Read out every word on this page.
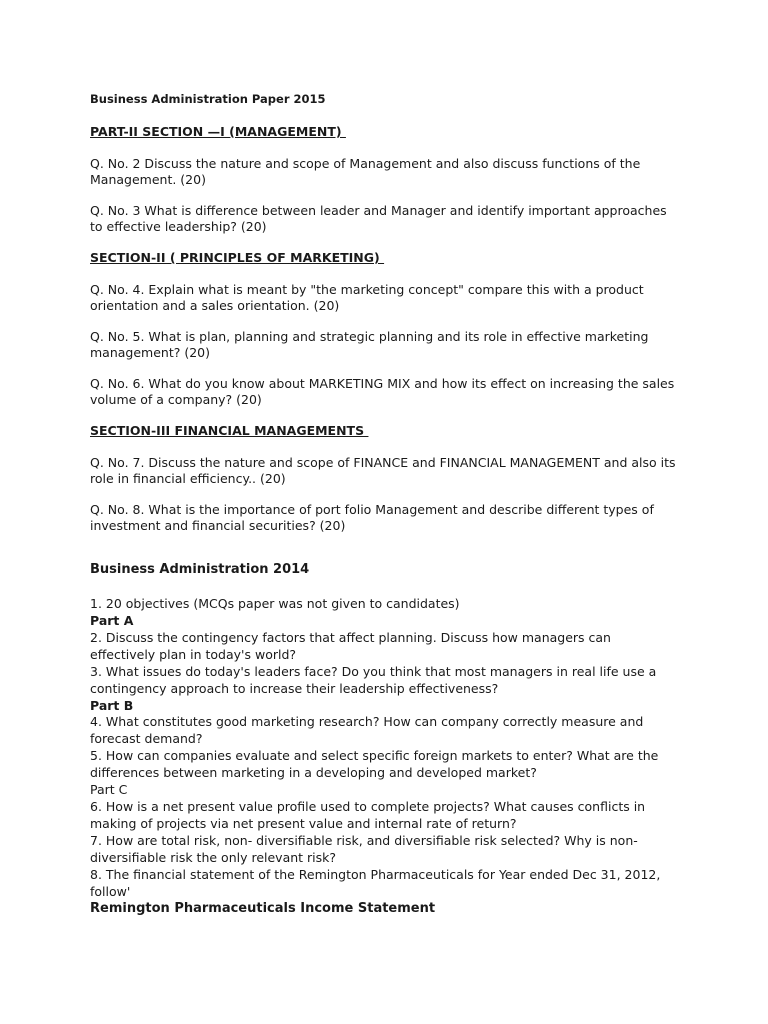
Business Administration Paper 2015
PART-II SECTION —I (MANAGEMENT)
Q. No. 2 Discuss the nature and scope of Management and also discuss functions of the Management. (20)
Q. No. 3 What is difference between leader and Manager and identify important approaches to effective leadership? (20)
SECTION-II ( PRINCIPLES OF MARKETING)
Q. No. 4. Explain what is meant by "the marketing concept" compare this with a product orientation and a sales orientation. (20)
Q. No. 5. What is plan, planning and strategic planning and its role in effective marketing management? (20)
Q. No. 6. What do you know about MARKETING MIX and how its effect on increasing the sales volume of a company? (20)
SECTION-III FINANCIAL MANAGEMENTS
Q. No. 7. Discuss the nature and scope of FINANCE and FINANCIAL MANAGEMENT and also its role in financial efficiency.. (20)
Q. No. 8. What is the importance of port folio Management and describe different types of investment and financial securities? (20)
Business Administration 2014
1. 20 objectives (MCQs paper was not given to candidates)
Part A
2. Discuss the contingency factors that affect planning. Discuss how managers can effectively plan in today's world?
3. What issues do today's leaders face? Do you think that most managers in real life use a contingency approach to increase their leadership effectiveness?
Part B
4. What constitutes good marketing research? How can company correctly measure and forecast demand?
5. How can companies evaluate and select specific foreign markets to enter? What are the differences between marketing in a developing and developed market?
Part C
6. How is a net present value profile used to complete projects? What causes conflicts in making of projects via net present value and internal rate of return?
7. How are total risk, non- diversifiable risk, and diversifiable risk selected? Why is non-diversifiable risk the only relevant risk?
8. The financial statement of the Remington Pharmaceuticals for Year ended Dec 31, 2012, follow'
Remington Pharmaceuticals Income Statement
